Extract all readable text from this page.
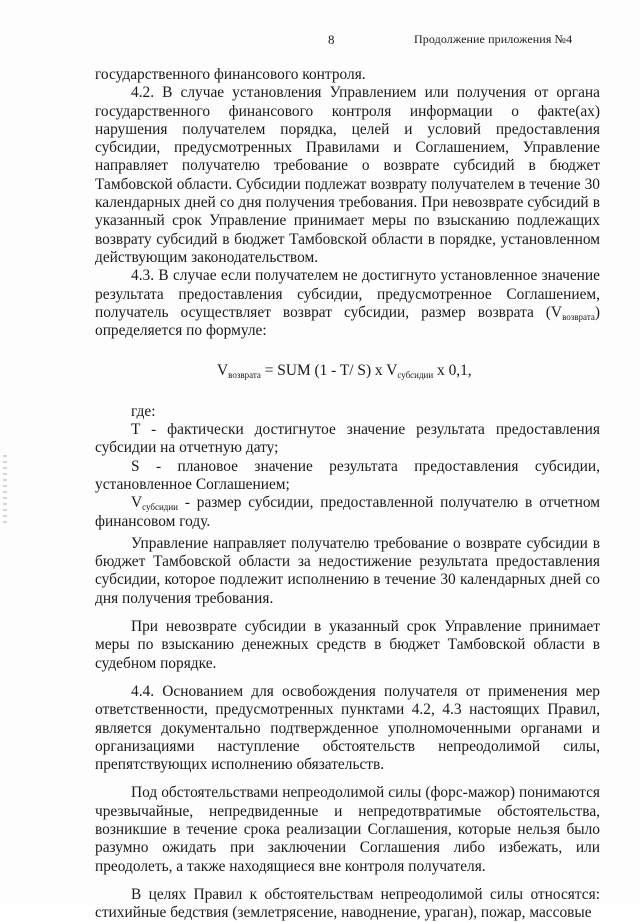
8	Продолжение приложения №4

государственного финансового контроля.

4.2. В случае установления Управлением или получения от органа государственного финансового контроля информации о факте(ах) нарушения получателем порядка, целей и условий предоставления субсидии, предусмотренных Правилами и Соглашением, Управление направляет получателю требование о возврате субсидий в бюджет Тамбовской области. Субсидии подлежат возврату получателем в течение 30 календарных дней со дня получения требования. При невозврате субсидий в указанный срок Управление принимает меры по взысканию подлежащих возврату субсидий в бюджет Тамбовской области в порядке, установленном действующим законодательством.

4.3. В случае если получателем не достигнуто установленное значение результата предоставления субсидии, предусмотренное Соглашением, получатель осуществляет возврат субсидии, размер возврата $(V_{возврата})$ определяется по формуле:

$V_{возврата}$ = SUM (1 - T/ S) x $V_{субсидии}$ x 0,1,

где:

T - фактически достигнутое значение результата предоставления субсидии на отчетную дату;

S - плановое значение результата предоставления субсидии, установленное Соглашением;

$V_{субсидии}$ - размер субсидии, предоставленной получателю в отчетном финансовом году.

Управление направляет получателю требование о возврате субсидии в бюджет Тамбовской области за недостижение результата предоставления субсидии, которое подлежит исполнению в течение 30 календарных дней со дня получения требования.

При невозврате субсидии в указанный срок Управление принимает меры по взысканию денежных средств в бюджет Тамбовской области в судебном порядке.

4.4. Основанием для освобождения получателя от применения мер ответственности, предусмотренных пунктами 4.2, 4.3 настоящих Правил, является документально подтвержденное уполномоченными органами и организациями наступление обстоятельств непреодолимой силы, препятствующих исполнению обязательств.

Под обстоятельствами непреодолимой силы (форс-мажор) понимаются чрезвычайные, непредвиденные и непредотвратимые обстоятельства, возникшие в течение срока реализации Соглашения, которые нельзя было разумно ожидать при заключении Соглашения либо избежать, или преодолеть, а также находящиеся вне контроля получателя.

В целях Правил к обстоятельствам непреодолимой силы относятся: стихийные бедствия (землетрясение, наводнение, ураган), пожар, массовые
